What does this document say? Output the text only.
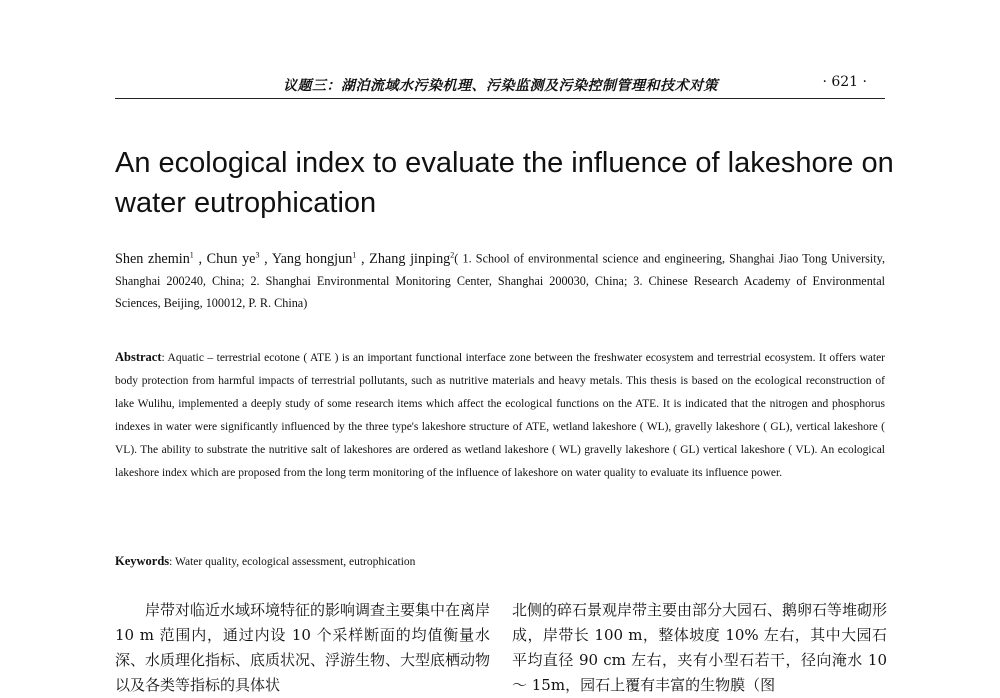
议题三：湖泊流域水污染机理、污染监测及污染控制管理和技术对策	· 621 ·
An ecological index to evaluate the influence of lakeshore on water eutrophication

Shen zhemin$^1$ , Chun $ye^3$ , Yang hongjun$^1$ , Zhang jinping$^2$( 1. School of environmental science and engineering, Shanghai Jiao Tong University, Shanghai 200240, China; 2. Shanghai Environmental Monitoring Center, Shanghai 200030, China; 3. Chinese Research Academy of Environmental Sciences, Beijing, 100012, P. R. China)

Abstract: Aquatic – terrestrial ecotone ( ATE ) is an important functional interface zone between the freshwater ecosystem and terrestrial ecosystem. It offers water body protection from harmful impacts of terrestrial pollutants, such as nutritive materials and heavy metals. This thesis is based on the ecological reconstruction of lake Wulihu, implemented a deeply study of some research items which affect the ecological functions on the ATE. It is indicated that the nitrogen and phosphorus indexes in water were significantly influenced by the three type's lakeshore structure of ATE, wetland lakeshore ( WL), gravelly lakeshore ( GL), vertical lakeshore ( VL). The ability to substrate the nutritive salt of lakeshores are ordered as wetland lakeshore ( WL) gravelly lakeshore ( GL) vertical lakeshore ( VL). An ecological lakeshore index which are proposed from the long term monitoring of the influence of lakeshore on water quality to evaluate its influence power.

Keywords: Water quality, ecological assessment, eutrophication

岸带对临近水域环境特征的影响调查主要集中在离岸 10 m 范围内，通过内设 10 个采样断面的均值衡量水深、水质理化指标、底质状况、浮游生物、大型底栖动物以及各类等指标的具体状

北侧的碎石景观岸带主要由部分大园石、鹅卵石等堆砌形成，岸带长 100 m，整体坡度 10% 左右，其中大园石平均直径 90 cm 左右，夹有小型石若干，径向淹水 10 ～ 15m，园石上覆有丰富的生物膜（图
